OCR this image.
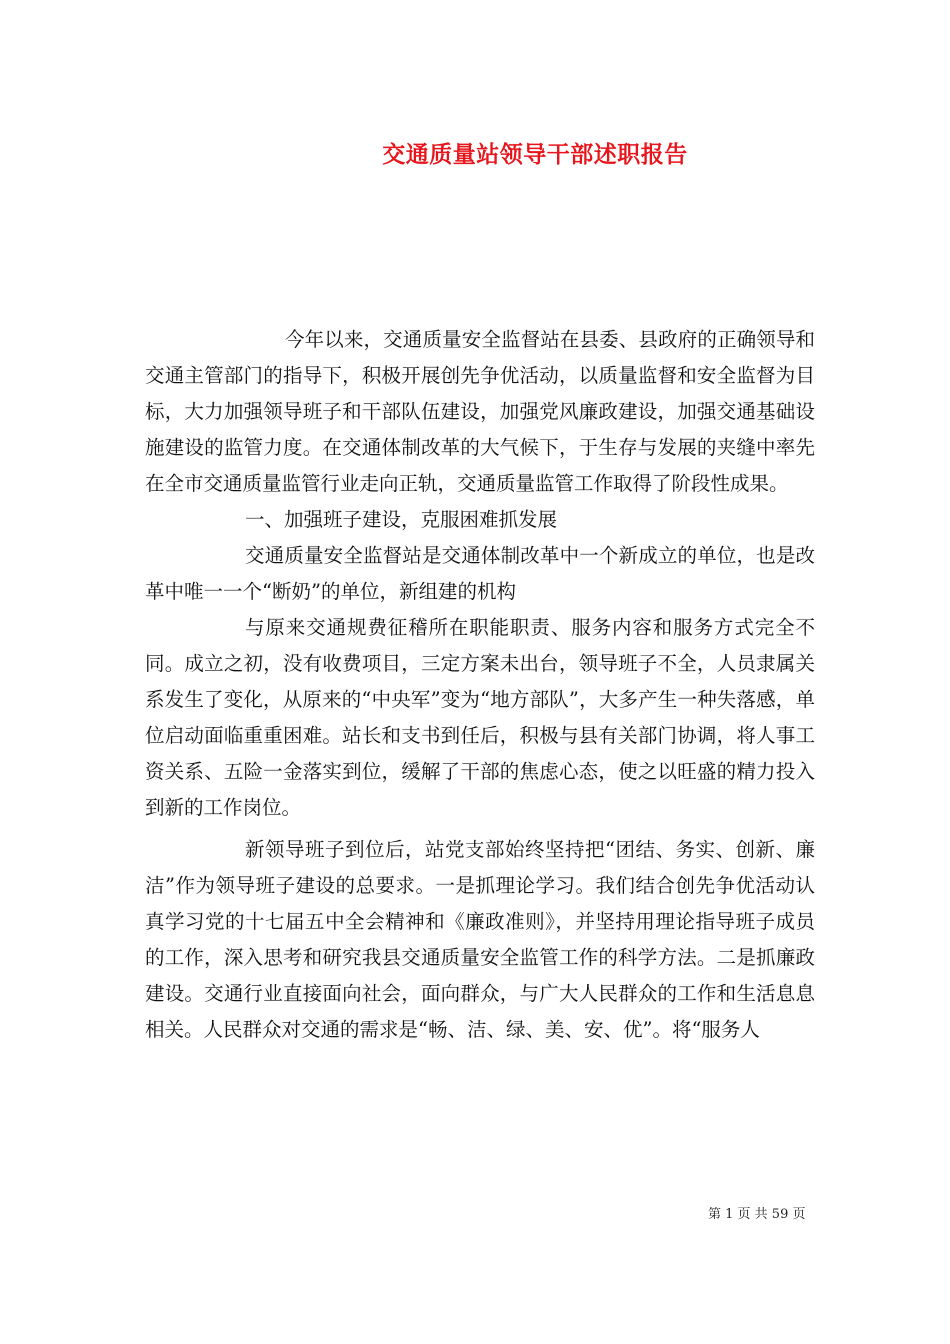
交通质量站领导干部述职报告

今年以来，交通质量安全监督站在县委、县政府的正确领导和交通主管部门的指导下，积极开展创先争优活动，以质量监督和安全监督为目标，大力加强领导班子和干部队伍建设，加强党风廉政建设，加强交通基础设施建设的监管力度。在交通体制改革的大气候下，于生存与发展的夹缝中率先在全市交通质量监管行业走向正轨，交通质量监管工作取得了阶段性成果。

一、加强班子建设，克服困难抓发展

交通质量安全监督站是交通体制改革中一个新成立的单位，也是改革中唯一一个“断奶”的单位，新组建的机构

与原来交通规费征稽所在职能职责、服务内容和服务方式完全不同。成立之初，没有收费项目，三定方案未出台，领导班子不全，人员隶属关系发生了变化，从原来的“中央军”变为“地方部队”，大多产生一种失落感，单位启动面临重重困难。站长和支书到任后，积极与县有关部门协调，将人事工资关系、五险一金落实到位，缓解了干部的焦虑心态，使之以旺盛的精力投入到新的工作岗位。

新领导班子到位后，站党支部始终坚持把“团结、务实、创新、廉洁”作为领导班子建设的总要求。一是抓理论学习。我们结合创先争优活动认真学习党的十七届五中全会精神和《廉政准则》，并坚持用理论指导班子成员的工作，深入思考和研究我县交通质量安全监管工作的科学方法。二是抓廉政建设。交通行业直接面向社会，面向群众，与广大人民群众的工作和生活息息相关。人民群众对交通的需求是“畅、洁、绿、美、安、优”。将“服务人

第 1 页 共 59 页
